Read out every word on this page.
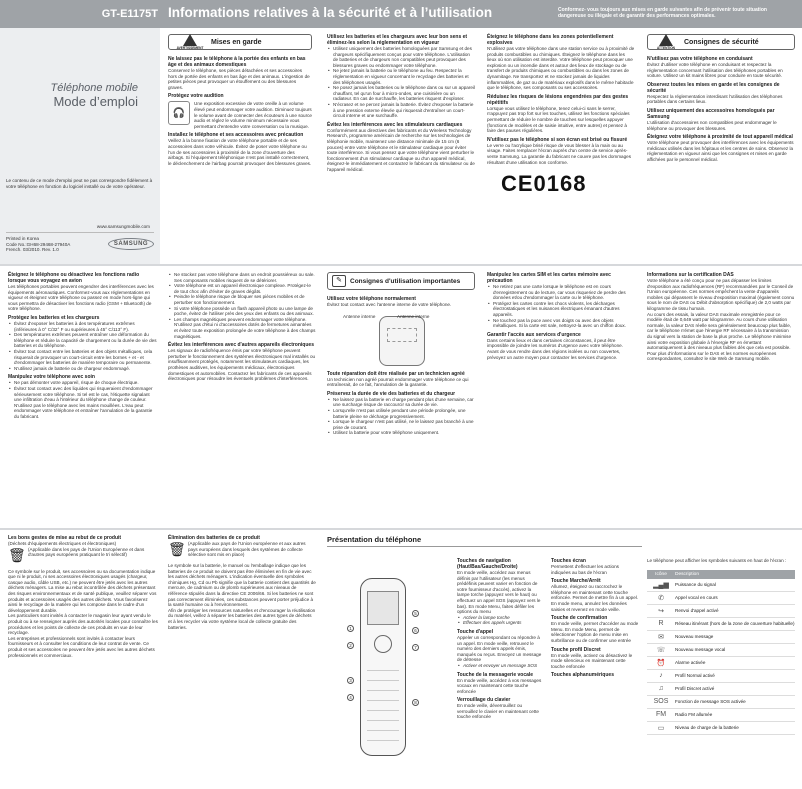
GT-E1175T Informations relatives à la sécurité et à l’utilisation	Conformez- vous toujours aux mises en garde suivantes afin de prévenir toute situation dangereuse ou illégale et de garantir des performances optimales.
Téléphone mobile
Mode d’emploi
Le contenu de ce mode d'emploi peut ne pas correspondre fidèlement à votre téléphone en fonction du logiciel installé ou de votre opérateur.
www.samsungmobile.com
Printed in Korea
Code No.:GH68-29468-27940A
French. 03/2010. Rev. 1.0
SAMSUNG
AVERTISSEMENT
Mises en garde
Ne laissez pas le téléphone à la portée des enfants en bas âge et des animaux domestiques
Conservez le téléphone, ses pièces détachées et ses accessoires hors de portée des enfants en bas âge et des animaux. L’ingestion de petites pièces peut provoquer un étouffement ou des blessures graves.
Protégez votre audition
🎧
Une exposition excessive de votre oreille à un volume élevé peut endommager votre audition. Diminuez toujours le volume avant de connecter des écouteurs à une source audio et réglez le volume minimum nécessaire vous permettant d’entendre votre conversation ou la musique.
Installez le téléphone et ses accessoires avec précaution
Veillez à la bonne fixation de votre téléphone portable et de ses accessoires dans votre véhicule. Évitez de poser votre téléphone ou l’un de ses accessoires à proximité de la zone d’ouverture des airbags. Si l’équipement téléphonique n’est pas installé correctement, le déclenchement de l’airbag pourrait provoquer des blessures graves.
Utilisez les batteries et les chargeurs avec leur bon sens et éliminez-les selon la réglementation en vigueur
• Utilisez uniquement des batteries homologuées par Samsung et des chargeurs spécifiquement conçus pour votre téléphone. L'utilisation de batteries et de chargeurs non compatibles peut provoquer des blessures graves ou endommager votre téléphone.
• Ne jetez jamais la batterie ou le téléphone au feu. Respectez la réglementation en vigueur concernant le recyclage des batteries et des téléphones usagés.
• Ne posez jamais les batteries ou le téléphone dans ou sur un appareil chauffant, tel qu'un four à micro-ondes, une cuisinière ou un radiateur. En cas de surchauffe, les batteries risquent d'exploser.
• N'écrasez et ne percez jamais la batterie. Évitez d'exposer la batterie à une pression externe élevée qui risquerait d'entraîner un court-circuit interne et une surchauffe.
Évitez les interférences avec les stimulateurs cardiaques
Conformément aux directives des fabricants et du Wireless Technology Research, programme américain de recherche sur les technologies de téléphonie mobile, maintenez une distance minimale de 15 cm (6 pouces) entre votre téléphone et le stimulateur cardiaque pour éviter toute interférence. Si vous pensez que votre téléphone vient perturber le fonctionnement d'un stimulateur cardiaque ou d'un appareil médical, éteignez-le immédiatement et contactez le fabricant du stimulateur ou de l'appareil médical.
Éteignez le téléphone dans les zones potentiellement explosives
N'utilisez pas votre téléphone dans une station service ou à proximité de produits combustibles ou chimiques. Éteignez le téléphone dans les lieux où son utilisation est interdite. Votre téléphone peut provoquer une explosion ou un incendie dans et autour des lieux de stockage ou de transfert de produits chimiques ou combustibles ou dans les zones de dynamitage. Ne transportez et ne stockez jamais de liquides inflammables, de gaz ou de matériaux explosifs dans le même habitacle que le téléphone, ses composants ou ses accessoires.
Réduisez les risques de lésions engendrées par des gestes répétitifs
Lorsque vous utilisez le téléphone, tenez celui-ci sans le serrer, n'appuyez pas trop fort sur les touches, utilisez les fonctions spéciales permettant de réduire le nombre de touches sur lesquelles appuyer (fonctions de modèles et de saisie intuitive, entre autres) et pensez à faire des pauses régulières.
N'utilisez pas le téléphone si son écran est brisé ou fissuré
Le verre ou l'acrylique brisé risque de vous blesser à la main ou au visage. Faites remplacer l'écran auprès d'un centre de service après-vente Samsung. La garantie du fabricant ne couvre pas les dommages résultant d'une utilisation non conforme.
CE0168
ATTENTION
Consignes de sécurité
N'utilisez pas votre téléphone en conduisant
Évitez d'utiliser votre téléphone en conduisant et respectez la réglementation concernant l'utilisation des téléphones portables en voiture. Utilisez un kit mains libres pour conduire en toute sécurité.
Observez toutes les mises en garde et les consignes de sécurité
Respectez la réglementation interdisant l'utilisation des téléphones portables dans certains lieux.
Utilisez uniquement des accessoires homologués par Samsung
L'utilisation d'accessoires non compatibles peut endommager le téléphone ou provoquer des blessures.
Éteignez votre téléphone à proximité de tout appareil médical
Votre téléphone peut provoquer des interférences avec les équipements médicaux utilisés dans les hôpitaux et les centres de soins. Observez la réglementation en vigueur ainsi que les consignes et mises en garde affichées par le personnel médical.
Éteignez le téléphone ou désactivez les fonctions radio lorsque vous voyagez en avion
Les téléphones portables peuvent engendrer des interférences avec les équipements aéronautiques. Conformez-vous aux réglementations en vigueur et éteignez votre téléphone ou passez en mode hors-ligne qui vous permettra de désactiver les fonctions radio (GSM + Bluetooth) de votre téléphone.
Protégez les batteries et les chargeurs
• Évitez d'exposer les batteries à des températures extrêmes (inférieures à 0° C/32° F ou supérieures à 45° C/113° F).
• Des températures extrêmes peuvent entraîner une déformation du téléphone et réduire la capacité de chargement ou la durée de vie des batteries et du téléphone.
• Évitez tout contact entre les batteries et des objets métalliques, cela risquerait de provoquer un court-circuit entre les bornes + et - et d'endommager les batteries de manière temporaire ou permanente.
• N'utilisez jamais de batterie ou de chargeur endommagé.
Manipulez votre téléphone avec soin
• Ne pas démonter votre appareil, risque de choque électrique.
• Évitez tout contact avec des liquides qui risqueraient d'endommager sérieusement votre téléphone. Si tel est le cas, l'étiquette signalant une infiltration d'eau à l'intérieur du téléphone change de couleur. N'utilisez pas le téléphone avec les mains mouillées. L'eau peut endommager votre téléphone et entraîner l'annulation de la garantie du fabricant.
• Ne stockez pas votre téléphone dans un endroit poussiéreux ou sale. Ses composants mobiles risquent de se détériorer.
• Votre téléphone est un appareil électronique complexe. Protégez-le de tout choc afin d'éviter de graves dégâts.
• Peindre le téléphone risque de bloquer ses pièces mobiles et de perturber son fonctionnement.
• Si votre téléphone possède un flash appareil photo ou une lampe de poche, évitez de l'utiliser près des yeux des enfants ou des animaux.
• Les champs magnétiques peuvent endommager votre téléphone. N'utilisez pas d'étui ni d'accessoires dotés de fermetures aimantées et évitez toute exposition prolongée de votre téléphone à des champs magnétiques.
Évitez les interférences avec d'autres appareils électroniques
Les signaux de radiofréquence émis par votre téléphone peuvent perturber le fonctionnement des systèmes électroniques mal installés ou insuffisamment protégés, notamment les stimulateurs cardiaques, les prothèses auditives, les équipements médicaux, électroniques domestiques et automobiles. Contactez les fabricants de ces appareils électroniques pour résoudre les éventuels problèmes d'interférences.
✎	Consignes d'utilisation importantes
Utilisez votre téléphone normalement
Évitez tout contact avec l'antenne interne de votre téléphone.
Antenne interne	Antenne interne
Toute réparation doit être réalisée par un technicien agréé
Un technicien non agréé pourrait endommager votre téléphone ce qui entraînerait, de ce fait, l'annulation de la garantie.
Préservez la durée de vie des batteries et du chargeur
• Ne laissez pas la batterie en charge pendant plus d'une semaine, car une surcharge risque de raccourcir sa durée de vie.
• Lorsqu'elle n'est pas utilisée pendant une période prolongée, une batterie pleine se décharge progressivement.
• Lorsque le chargeur n'est pas utilisé, ne le laissez pas branché à une prise de courant.
• Utilisez la batterie pour votre téléphone uniquement.
Manipulez les cartes SIM et les cartes mémoire avec précaution
• Ne retirez pas une carte lorsque le téléphone est en cours d'enregistrement ou de lecture, car vous risqueriez de perdre des données et/ou d'endommager la carte ou le téléphone.
• Protégez les cartes contre les chocs violents, les décharges électrostatiques et les nuisances électriques émanant d'autres appareils.
• Ne touchez pas la puce avec vos doigts ou avec des objets métalliques. Si la carte est sale, nettoyez-la avec un chiffon doux.
Garantir l'accès aux services d'urgence
Dans certains lieux et dans certaines circonstances, il peut être impossible de joindre les numéros d'urgence avec votre téléphone. Avant de vous rendre dans des régions isolées ou non couvertes, prévoyez un autre moyen pour contacter les services d'urgence.
Informations sur la certification DAS
Votre téléphone a été conçu pour ne pas dépasser les limites d'exposition aux radiofréquences (RF) recommandées par le Conseil de l'Union européenne. Ces normes empêchent la vente d'appareils mobiles qui dépassent le niveau d'exposition maximal (également connu sous le nom de DAS ou Débit d'absorption spécifique) de 2,0 watts par kilogramme de tissu humain.
Au cours des essais, la valeur DAS maximale enregistrée pour ce modèle était de 0,649 watt par kilogramme. Au cours d'une utilisation normale, la valeur DAS réelle sera généralement beaucoup plus faible, car le téléphone n'émet que l'énergie RF nécessaire à la transmission du signal vers la station de base la plus proche. Le téléphone minimise ainsi votre exposition globale à l'énergie RF en émettant automatiquement à des niveaux plus faibles dès que cela est possible.
Pour plus d'informations sur le DAS et les normes européennes correspondantes, consultez le site Web de Samsung mobile.
Les bons gestes de mise au rebut de ce produit
(Déchets d'équipements électriques et électroniques)
🗑 (Applicable dans les pays de l'Union Européenne et dans d'autres pays européens pratiquant le tri sélectif)
Ce symbole sur le produit, ses accessoires ou sa documentation indique que ni le produit, ni ses accessoires électroniques usagés (chargeur, casque audio, câble USB, etc.) ne peuvent être jetés avec les autres déchets ménagers. La mise au rebut incontrôlée des déchets présentant des risques environnementaux et de santé publique, veuillez séparer vos produits et accessoires usagés des autres déchets. Vous favoriserez ainsi le recyclage de la matière qui les compose dans le cadre d'un développement durable.
Les particuliers sont invités à contacter le magasin leur ayant vendu le produit ou à se renseigner auprès des autorités locales pour connaître les procédures et les points de collecte de ces produits en vue de leur recyclage.
Les entreprises et professionnels sont invités à contacter leurs fournisseurs et à consulter les conditions de leur contrat de vente. Ce produit et ses accessoires ne peuvent être jetés avec les autres déchets professionnels et commerciaux.
Élimination des batteries de ce produit
🗑 (Applicable aux pays de l'Union européenne et aux autres pays européens dans lesquels des systèmes de collecte sélective sont mis en place)
Le symbole sur la batterie, le manuel ou l'emballage indique que les batteries de ce produit ne doivent pas être éliminées en fin de vie avec les autres déchets ménagers. L'indication éventuelle des symboles chimiques Hg, Cd ou Pb signifie que la batterie contient des quantités de mercure, de cadmium ou de plomb supérieures aux niveaux de référence stipulés dans la directive CE 2006/66. Si les batteries ne sont pas correctement éliminées, ces substances peuvent porter préjudice à la santé humaine ou à l'environnement.
Afin de protéger les ressources naturelles et d'encourager la réutilisation du matériel, veillez à séparer les batteries des autres types de déchets et à les recycler via votre système local de collecte gratuite des batteries.
Présentation du téléphone
1
2
3
4
5
6
7
8
Touches de navigation (Haut/Bas/Gauche/Droite)
En mode veille, accédez aux menus définis par l'utilisateur (les menus prédéfinis peuvent varier en fonction de votre fournisseur d'accès), activez la lampe torche (appuyez vers le haut) ou effectuez un appel SOS (appuyez vers le bas). En mode Menu, faites défiler les options du menu
• Activer la lampe torche
• Effectuer des appels urgents
Touche d'appel
Appeler un correspondant ou répondre à un appel. En mode veille, retrouvez le numéro des derniers appels émis, manqués ou reçus. Envoyez un message de détresse
• Activer et envoyer un message SOS
Touche de la messagerie vocale
En mode veille, accédez à vos messages vocaux en maintenant cette touche enfoncée
Verrouillage du clavier
En mode veille, déverrouillez ou verrouillez le clavier en maintenant cette touche enfoncée
Touches écran
Permettent d'effectuer les actions indiquées au bas de l'écran
Touche Marche/Arrêt
Allumez, éteignez ou raccrochez le téléphone en maintenant cette touche enfoncée. Permet de mettre fin à un appel. En mode menu, annulez les données saisies et revenez en mode veille.
Touche de confirmation
En mode veille, permet d'accéder au mode Menu. En mode Menu, permet de sélectionner l'option de menu mise en surbrillance ou de confirmer une entrée
Touche profil Discret
En mode veille, activez ou désactivez le mode silencieux en maintenant cette touche enfoncée
Touches alphanumériques
Le téléphone peut afficher les symboles suivants en haut de l'écran :
Icône	Description
▂▄▆	Puissance du signal
✆	Appel vocal en cours
↪	Renvoi d'appel activé
R	Réseau itinérant (hors de la zone de couverture habituelle)
✉	Nouveau message
☏	Nouveau message vocal
⏰	Alarme activée
♪	Profil Normal activé
♫	Profil Discret activé
SOS	Fonction de message SOS activée
FM	Radio FM allumée
▭	Niveau de charge de la batterie
